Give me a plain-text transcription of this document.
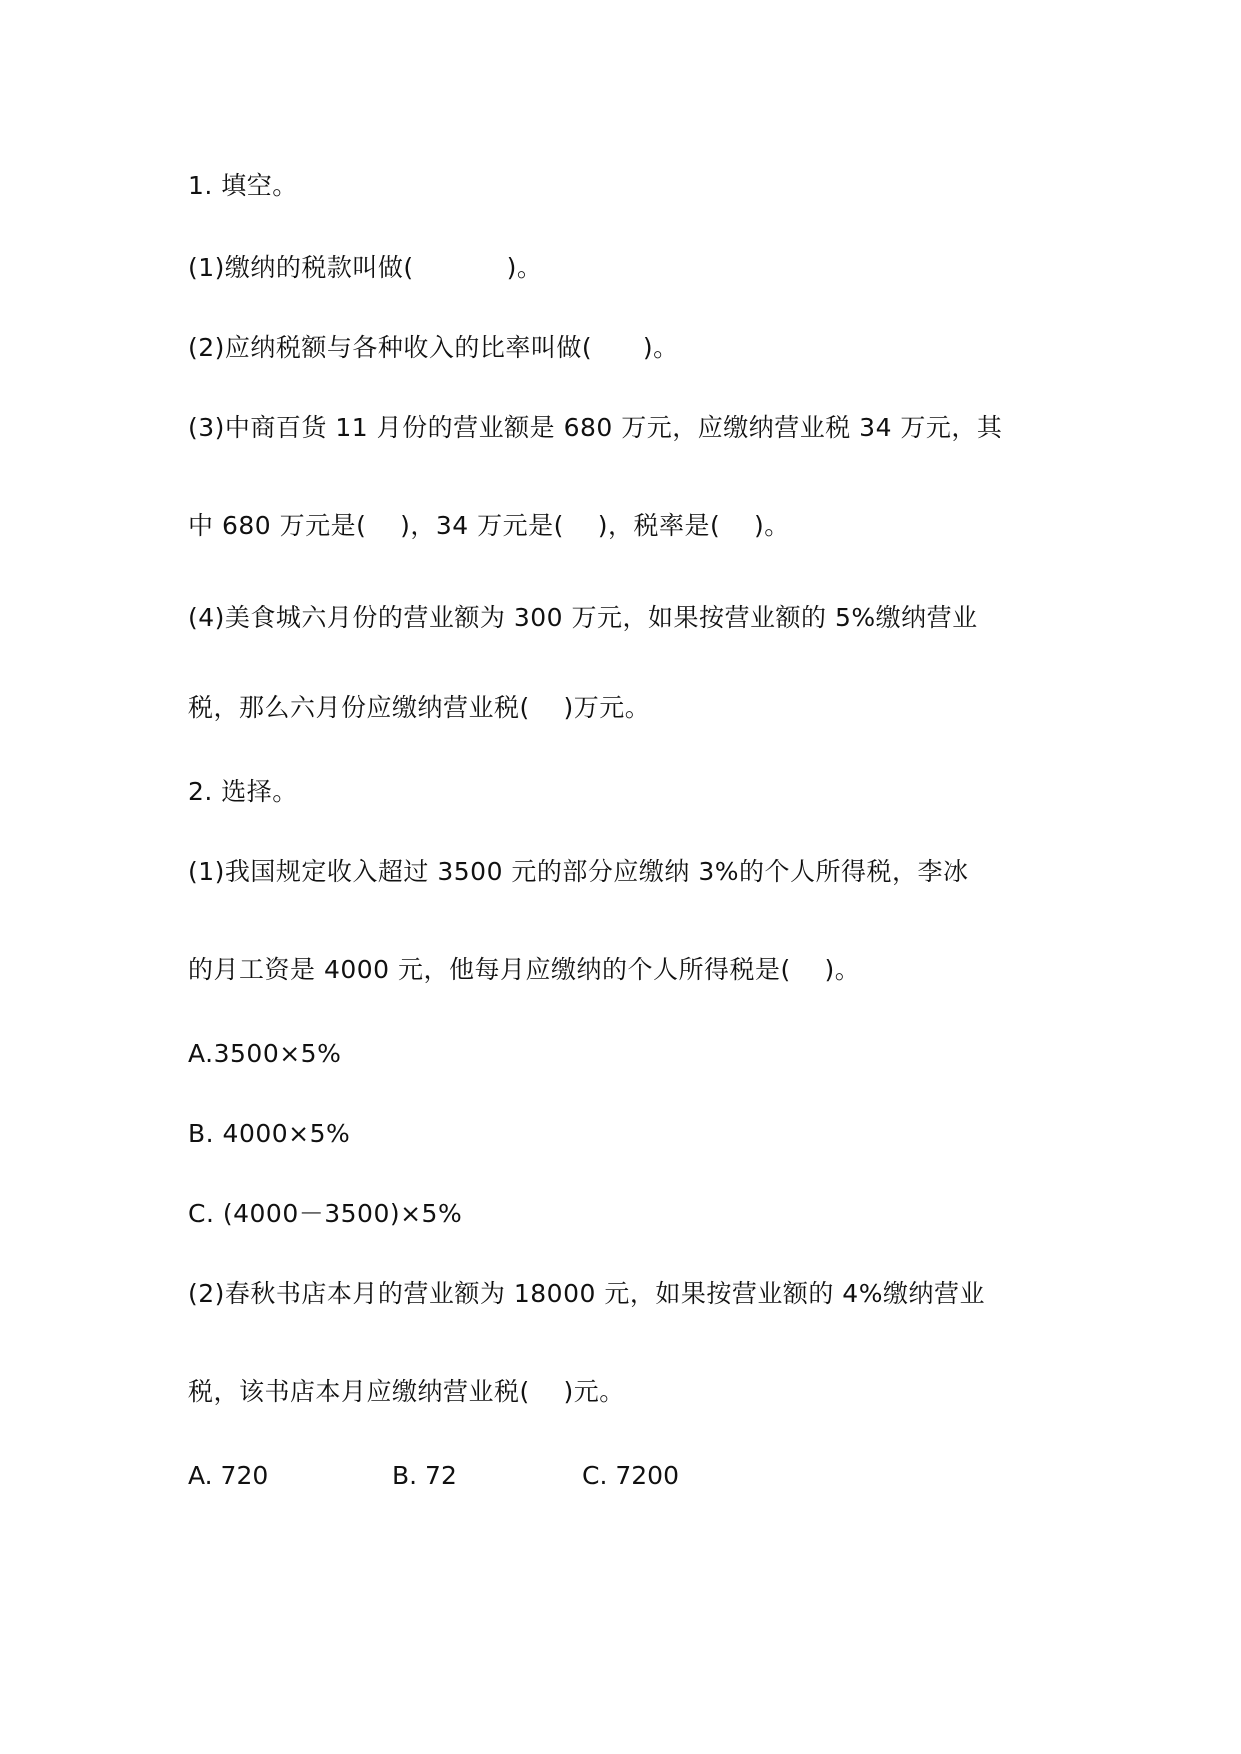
1. 填空。
(1)缴纳的税款叫做(           )。
(2)应纳税额与各种收入的比率叫做(      )。
(3)中商百货 11 月份的营业额是 680 万元，应缴纳营业税 34 万元，其
中 680 万元是(    )，34 万元是(    )，税率是(    )。
(4)美食城六月份的营业额为 300 万元，如果按营业额的 5%缴纳营业
税，那么六月份应缴纳营业税(    )万元。
2. 选择。
(1)我国规定收入超过 3500 元的部分应缴纳 3%的个人所得税，李冰
的月工资是 4000 元，他每月应缴纳的个人所得税是(    )。
A.3500×5%
B. 4000×5%
C. (4000－3500)×5%
(2)春秋书店本月的营业额为 18000 元，如果按营业额的 4%缴纳营业
税，该书店本月应缴纳营业税(    )元。
A. 720	B. 72	C. 7200
